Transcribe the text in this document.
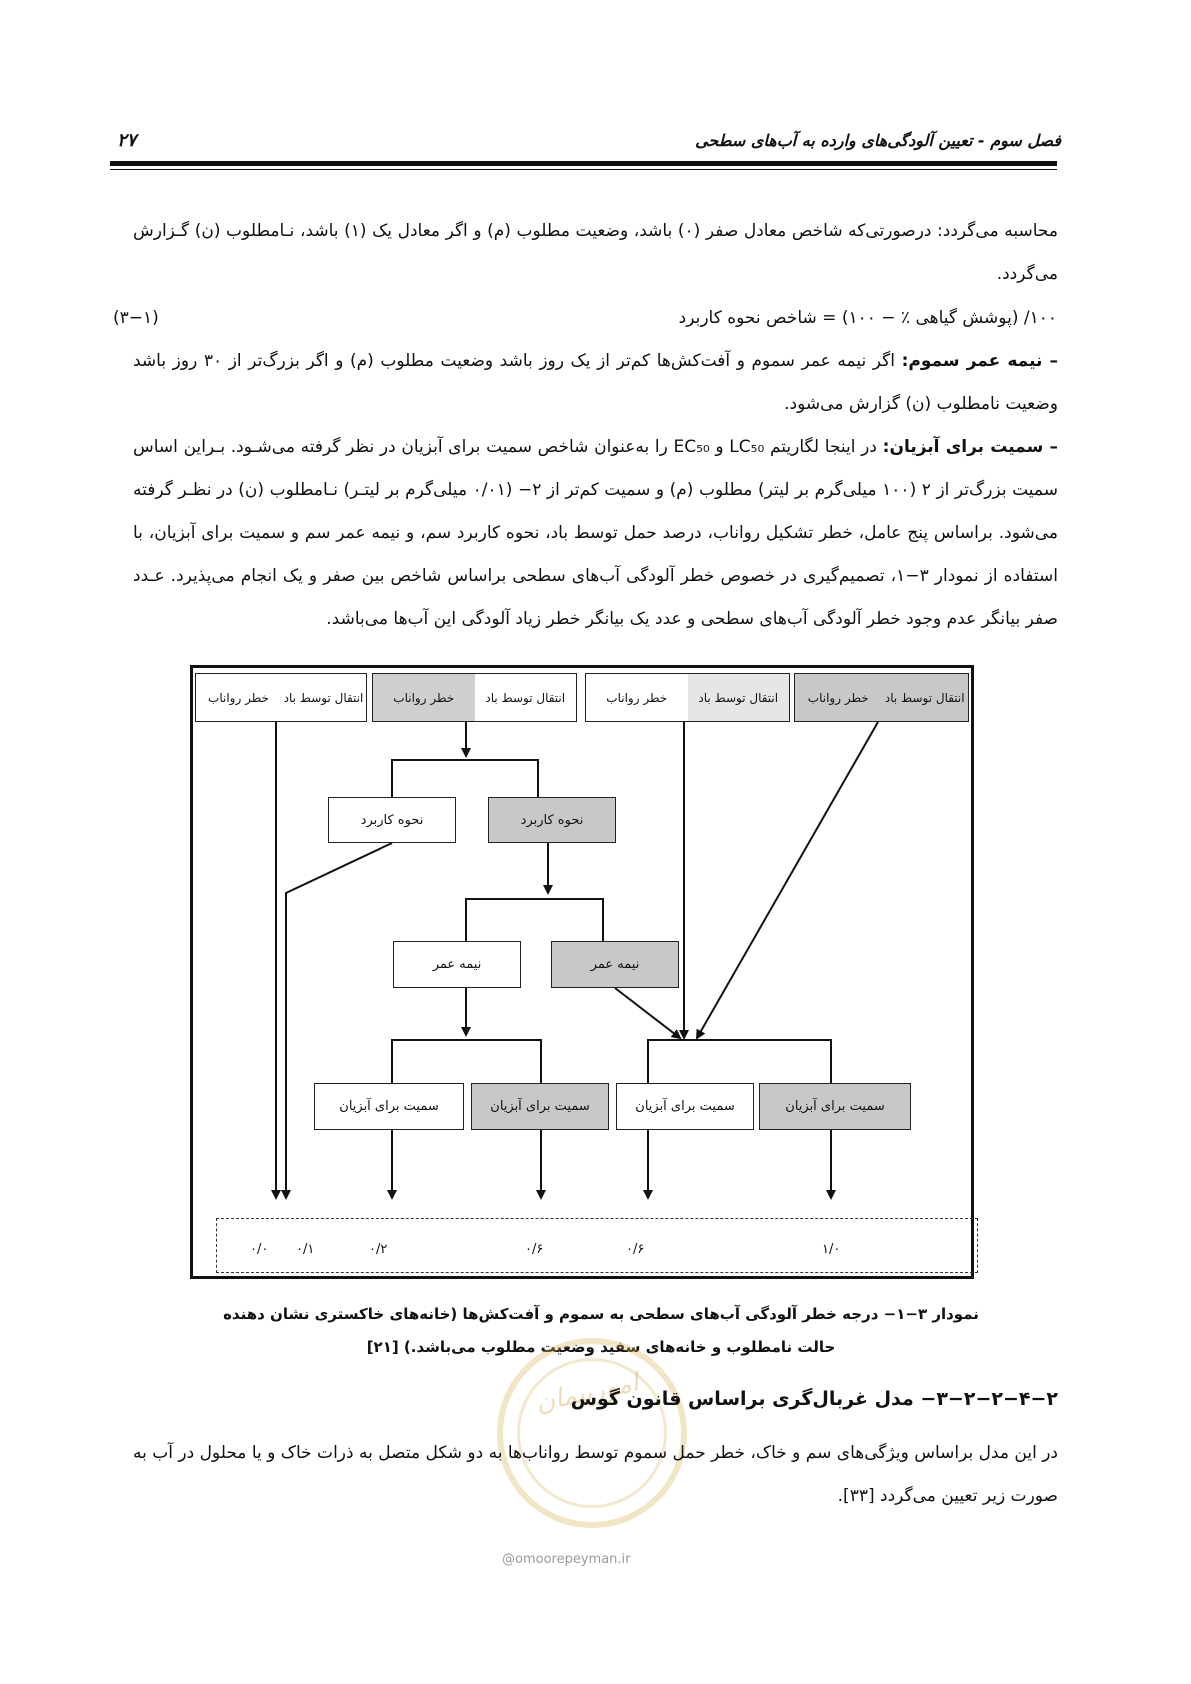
فصل سوم - تعیین آلودگی‌های وارده به آب‌های سطحی
۲۷
محاسبه می‌گردد: درصورتی‌که شاخص معادل صفر (۰) باشد، وضعیت مطلوب (م) و اگر معادل یک (۱) باشد، نـامطلوب (ن) گـزارش می‌گردد.
۱۰۰/ (پوشش گیاهی ٪ − ۱۰۰) = شاخص نحوه کاربرد
(۳−۱)
– نیمه عمر سموم: اگر نیمه عمر سموم و آفت‌کش‌ها کم‌تر از یک روز باشد وضعیت مطلوب (م) و اگر بزرگ‌تر از ۳۰ روز باشد وضعیت نامطلوب (ن) گزارش می‌شود.
– سمیت برای آبزیان: در اینجا لگاریتم LC₅₀ و EC₅₀ را به‌عنوان شاخص سمیت برای آبزیان در نظر گرفته می‌شـود. بـراین اساس سمیت بزرگ‌تر از ۲ (۱۰۰ میلی‌گرم بر لیتر) مطلوب (م) و سمیت کم‌تر از ۲− (۰/۰۱ میلی‌گرم بر لیتـر) نـامطلوب (ن) در نظـر گرفته می‌شود. براساس پنج عامل، خطر تشکیل رواناب، درصد حمل توسط باد، نحوه کاربرد سم، و نیمه عمر سم و سمیت برای آبزیان، با استفاده از نمودار ۳−۱، تصمیم‌گیری در خصوص خطر آلودگی آب‌های سطحی براساس شاخص بین صفر و یک انجام می‌پذیرد. عـدد صفر بیانگر عدم وجود خطر آلودگی آب‌های سطحی و عدد یک بیانگر خطر زیاد آلودگی این آب‌ها می‌باشد.
انتقال توسط باد
خطر رواناب
انتقال توسط باد
خطر رواناب
انتقال توسط باد
خطر رواناب
انتقال توسط باد
خطر رواناب
نحوه کاربرد
نحوه کاربرد
نیمه عمر
نیمه عمر
سمیت برای آبزیان
سمیت برای آبزیان
سمیت برای آبزیان
سمیت برای آبزیان
۰/۰ ۰/۱	۰/۲	۰/۶	۰/۶	۱/۰
نمودار ۳−۱− درجه خطر آلودگی آب‌های سطحی به سموم و آفت‌کش‌ها (خانه‌های خاکستری نشان دهنده
حالت نامطلوب و خانه‌های سفید وضعیت مطلوب می‌باشد.) [۲۱]
امورپیمان
۳−۲−۲−۴−۲− مدل غربال‌گری براساس قانون گوس
در این مدل براساس ویژگی‌های سم و خاک، خطر حمل سموم توسط رواناب‌ها به دو شکل متصل به ذرات خاک و یا محلول در آب به صورت زیر تعیین می‌گردد [۳۳].
@omoorepeyman.ir
